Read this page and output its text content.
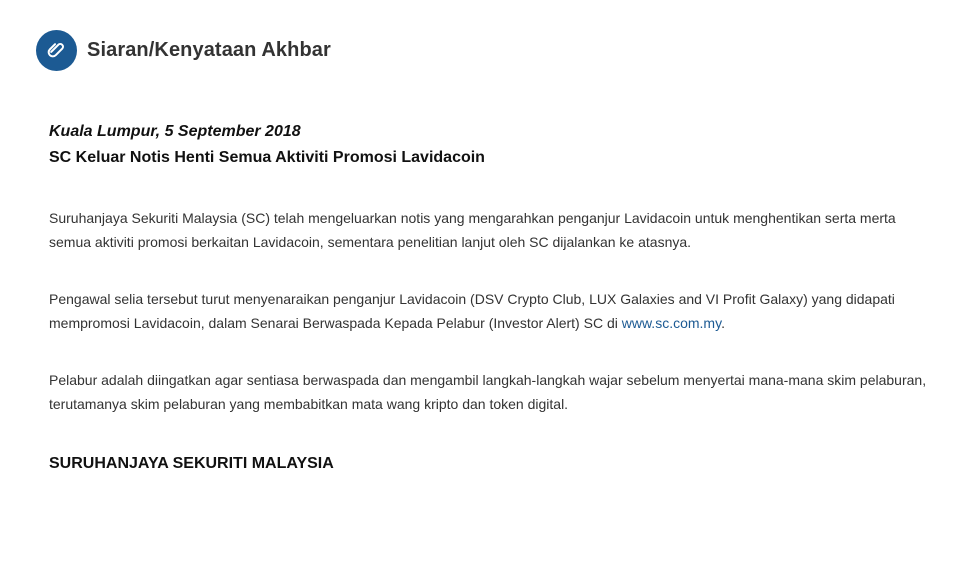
Siaran/Kenyataan Akhbar

Kuala Lumpur, 5 September 2018

SC Keluar Notis Henti Semua Aktiviti Promosi Lavidacoin

Suruhanjaya Sekuriti Malaysia (SC) telah mengeluarkan notis yang mengarahkan penganjur Lavidacoin untuk menghentikan serta merta semua aktiviti promosi berkaitan Lavidacoin, sementara penelitian lanjut oleh SC dijalankan ke atasnya.

Pengawal selia tersebut turut menyenaraikan penganjur Lavidacoin (DSV Crypto Club, LUX Galaxies and VI Profit Galaxy) yang didapati mempromosi Lavidacoin, dalam Senarai Berwaspada Kepada Pelabur (Investor Alert) SC di www.sc.com.my.

Pelabur adalah diingatkan agar sentiasa berwaspada dan mengambil langkah-langkah wajar sebelum menyertai mana-mana skim pelaburan, terutamanya skim pelaburan yang membabitkan mata wang kripto dan token digital.

SURUHANJAYA SEKURITI MALAYSIA
